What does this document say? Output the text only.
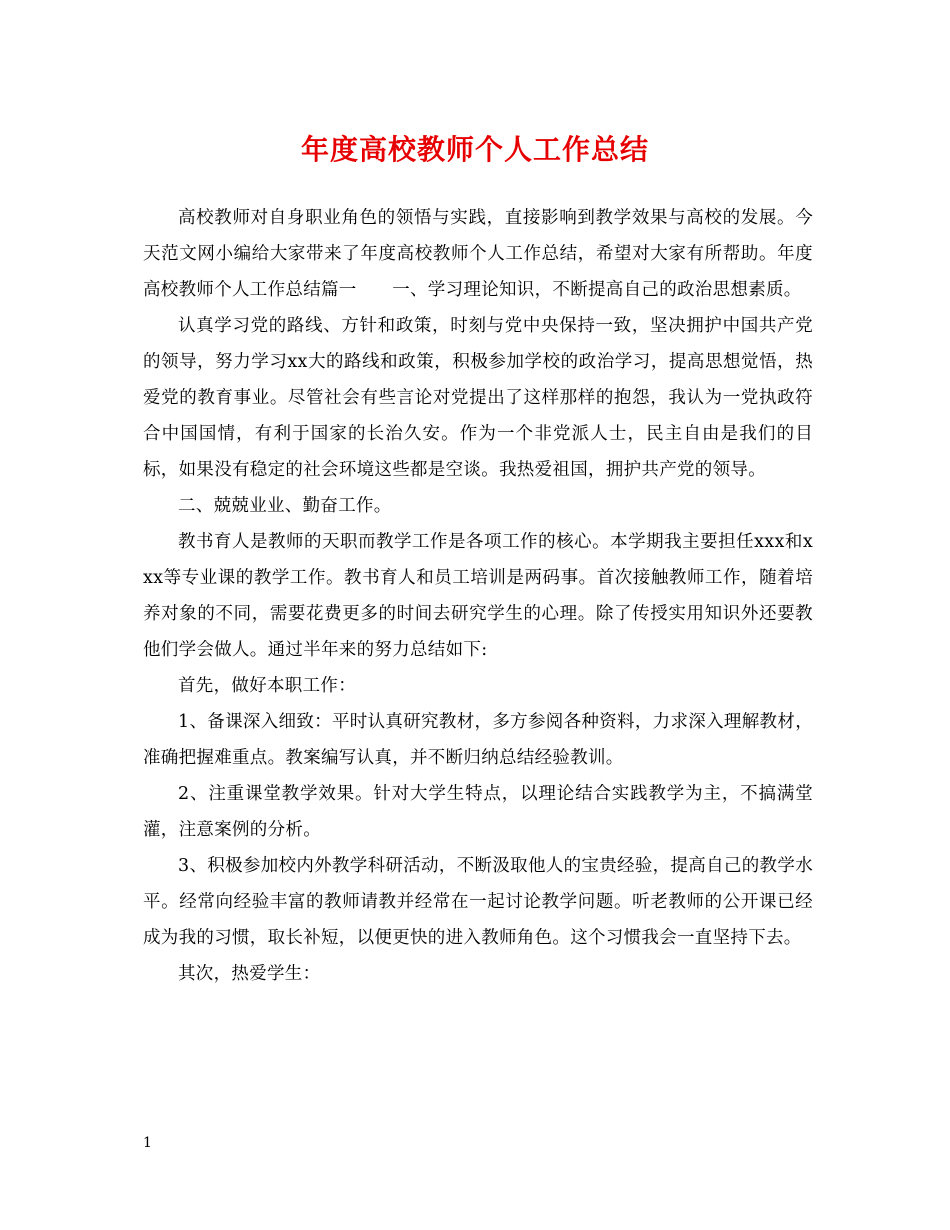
年度高校教师个人工作总结

高校教师对自身职业角色的领悟与实践，直接影响到教学效果与高校的发展。今天范文网小编给大家带来了年度高校教师个人工作总结，希望对大家有所帮助。年度高校教师个人工作总结篇一　　一、学习理论知识，不断提高自己的政治思想素质。

认真学习党的路线、方针和政策，时刻与党中央保持一致，坚决拥护中国共产党的领导，努力学习xx大的路线和政策，积极参加学校的政治学习，提高思想觉悟，热爱党的教育事业。尽管社会有些言论对党提出了这样那样的抱怨，我认为一党执政符合中国国情，有利于国家的长治久安。作为一个非党派人士，民主自由是我们的目标，如果没有稳定的社会环境这些都是空谈。我热爱祖国，拥护共产党的领导。

二、兢兢业业、勤奋工作。

教书育人是教师的天职而教学工作是各项工作的核心。本学期我主要担任xxx和xxx等专业课的教学工作。教书育人和员工培训是两码事。首次接触教师工作，随着培养对象的不同，需要花费更多的时间去研究学生的心理。除了传授实用知识外还要教他们学会做人。通过半年来的努力总结如下:

首先，做好本职工作：

1、备课深入细致：平时认真研究教材，多方参阅各种资料，力求深入理解教材，准确把握难重点。教案编写认真，并不断归纳总结经验教训。

2、注重课堂教学效果。针对大学生特点，以理论结合实践教学为主，不搞满堂灌，注意案例的分析。

3、积极参加校内外教学科研活动，不断汲取他人的宝贵经验，提高自己的教学水平。经常向经验丰富的教师请教并经常在一起讨论教学问题。听老教师的公开课已经成为我的习惯，取长补短，以便更快的进入教师角色。这个习惯我会一直坚持下去。

其次，热爱学生：

1
